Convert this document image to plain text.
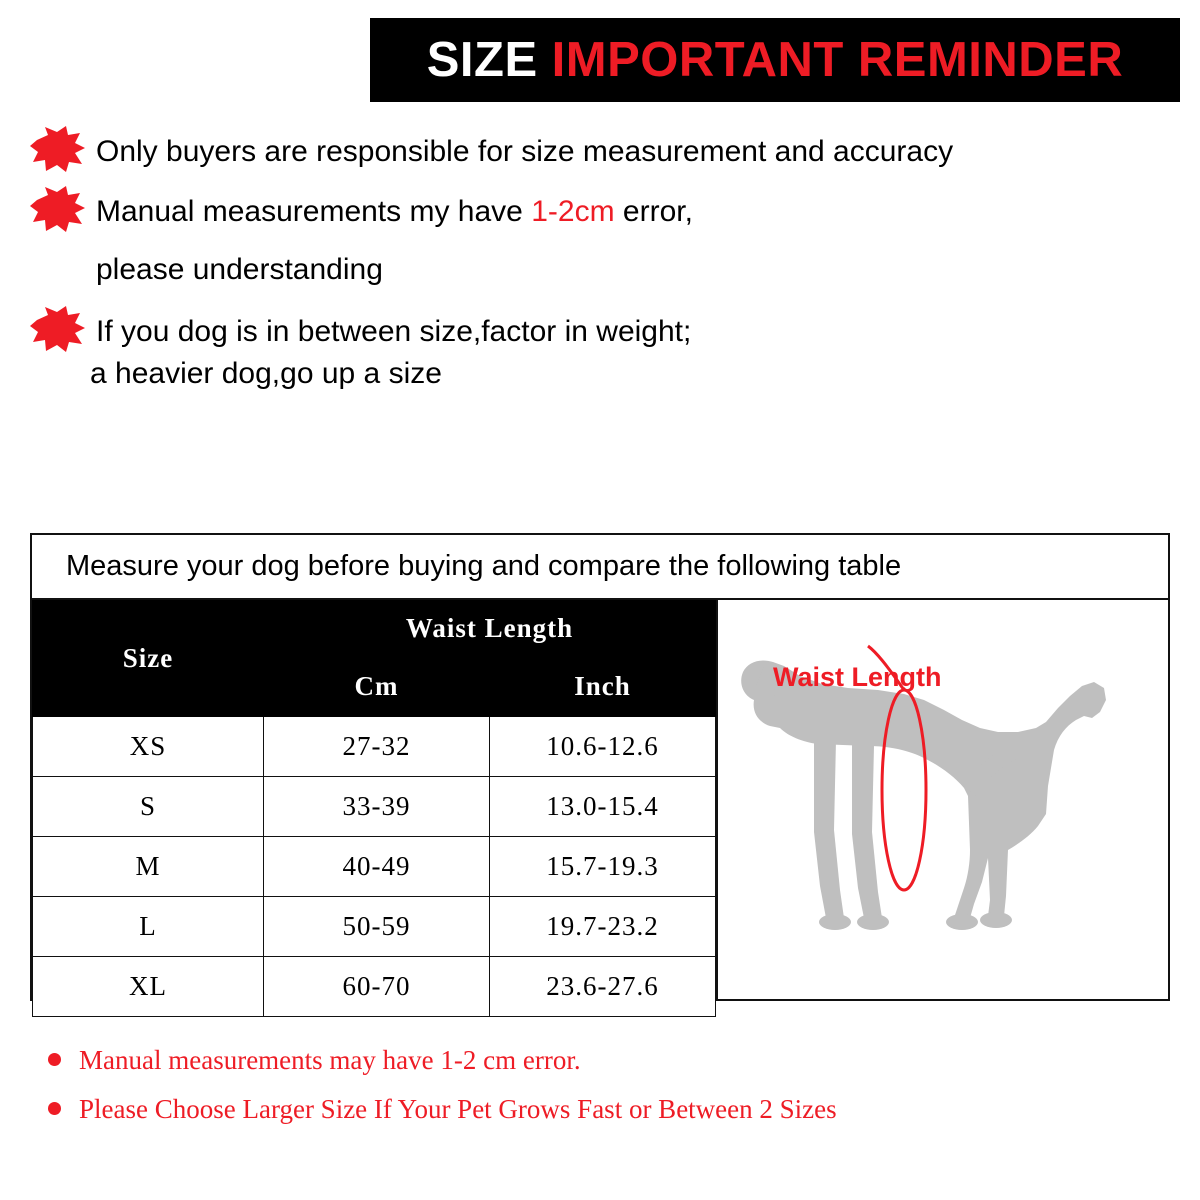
SIZE IMPORTANT REMINDER
Only buyers are responsible for size measurement and accuracy
Manual measurements my have 1-2cm error,
please understanding
If you dog is in between size,factor in weight;
a heavier dog,go up a size
Measure your dog before buying and compare the following table
Size	Waist Length	
	Cm	Inch
XS	27-32	10.6-12.6
S	33-39	13.0-15.4
M	40-49	15.7-19.3
L	50-59	19.7-23.2
XL	60-70	23.6-27.6
Waist Length
Manual measurements may have 1-2 cm error.
Please Choose Larger Size If Your Pet Grows Fast or Between 2 Sizes
